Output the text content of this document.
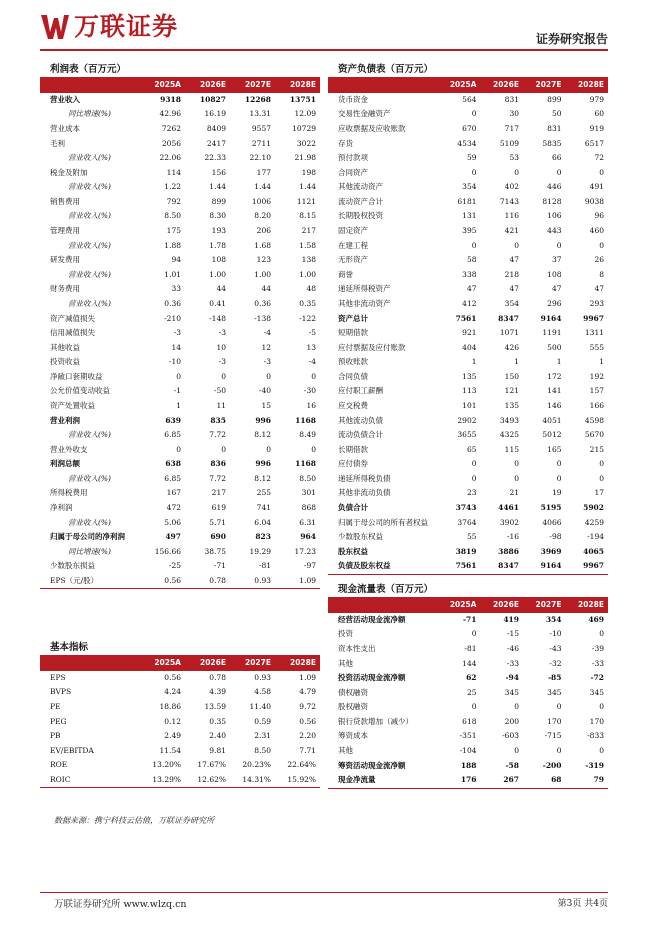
万联证券	证券研究报告
利润表（百万元）
	2025A	2026E	2027E	2028E
营业收入	9318	10827	12268	13751
同比增速(%)	42.96	16.19	13.31	12.09
营业成本	7262	8409	9557	10729
毛利	2056	2417	2711	3022
营业收入(%)	22.06	22.33	22.10	21.98
税金及附加	114	156	177	198
营业收入(%)	1.22	1.44	1.44	1.44
销售费用	792	899	1006	1121
营业收入(%)	8.50	8.30	8.20	8.15
管理费用	175	193	206	217
营业收入(%)	1.88	1.78	1.68	1.58
研发费用	94	108	123	138
营业收入(%)	1.01	1.00	1.00	1.00
财务费用	33	44	44	48
营业收入(%)	0.36	0.41	0.36	0.35
资产减值损失	-210	-148	-138	-122
信用减值损失	-3	-3	-4	-5
其他收益	14	10	12	13
投资收益	-10	-3	-3	-4
净敞口套期收益	0	0	0	0
公允价值变动收益	-1	-50	-40	-30
资产处置收益	1	11	15	16
营业利润	639	835	996	1168
营业收入(%)	6.85	7.72	8.12	8.49
营业外收支	0	0	0	0
利润总额	638	836	996	1168
营业收入(%)	6.85	7.72	8.12	8.50
所得税费用	167	217	255	301
净利润	472	619	741	868
营业收入(%)	5.06	5.71	6.04	6.31
归属于母公司的净利润	497	690	823	964
同比增速(%)	156.66	38.75	19.29	17.23
少数股东损益	-25	-71	-81	-97
EPS（元/股）	0.56	0.78	0.93	1.09
资产负债表（百万元）
	2025A	2026E	2027E	2028E
货币资金	564	831	899	979
交易性金融资产	0	30	50	60
应收票据及应收账款	670	717	831	919
存货	4534	5109	5835	6517
预付款项	59	53	66	72
合同资产	0	0	0	0
其他流动资产	354	402	446	491
流动资产合计	6181	7143	8128	9038
长期股权投资	131	116	106	96
固定资产	395	421	443	460
在建工程	0	0	0	0
无形资产	58	47	37	26
商誉	338	218	108	8
递延所得税资产	47	47	47	47
其他非流动资产	412	354	296	293
资产总计	7561	8347	9164	9967
短期借款	921	1071	1191	1311
应付票据及应付账款	404	426	500	555
预收账款	1	1	1	1
合同负债	135	150	172	192
应付职工薪酬	113	121	141	157
应交税费	101	135	146	166
其他流动负债	2902	3493	4051	4598
流动负债合计	3655	4325	5012	5670
长期借款	65	115	165	215
应付债券	0	0	0	0
递延所得税负债	0	0	0	0
其他非流动负债	23	21	19	17
负债合计	3743	4461	5195	5902
归属于母公司的所有者权益	3764	3902	4066	4259
少数股东权益	55	-16	-98	-194
股东权益	3819	3886	3969	4065
负债及股东权益	7561	8347	9164	9967
现金流量表（百万元）
	2025A	2026E	2027E	2028E
经营活动现金流净额	-71	419	354	469
投资	0	-15	-10	0
资本性支出	-81	-46	-43	-39
其他	144	-33	-32	-33
投资活动现金流净额	62	-94	-85	-72
债权融资	25	345	345	345
股权融资	0	0	0	0
银行贷款增加（减少）	618	200	170	170
筹资成本	-351	-603	-715	-833
其他	-104	0	0	0
筹资活动现金流净额	188	-58	-200	-319
现金净流量	176	267	68	79
基本指标
	2025A	2026E	2027E	2028E
EPS	0.56	0.78	0.93	1.09
BVPS	4.24	4.39	4.58	4.79
PE	18.86	13.59	11.40	9.72
PEG	0.12	0.35	0.59	0.56
PB	2.49	2.40	2.31	2.20
EV/EBITDA	11.54	9.81	8.50	7.71
ROE	13.20%	17.67%	20.23%	22.64%
ROIC	13.29%	12.62%	14.31%	15.92%
数据来源：携宁科技云估值，万联证券研究所
万联证券研究所 www.wlzq.cn	第3页 共4页
